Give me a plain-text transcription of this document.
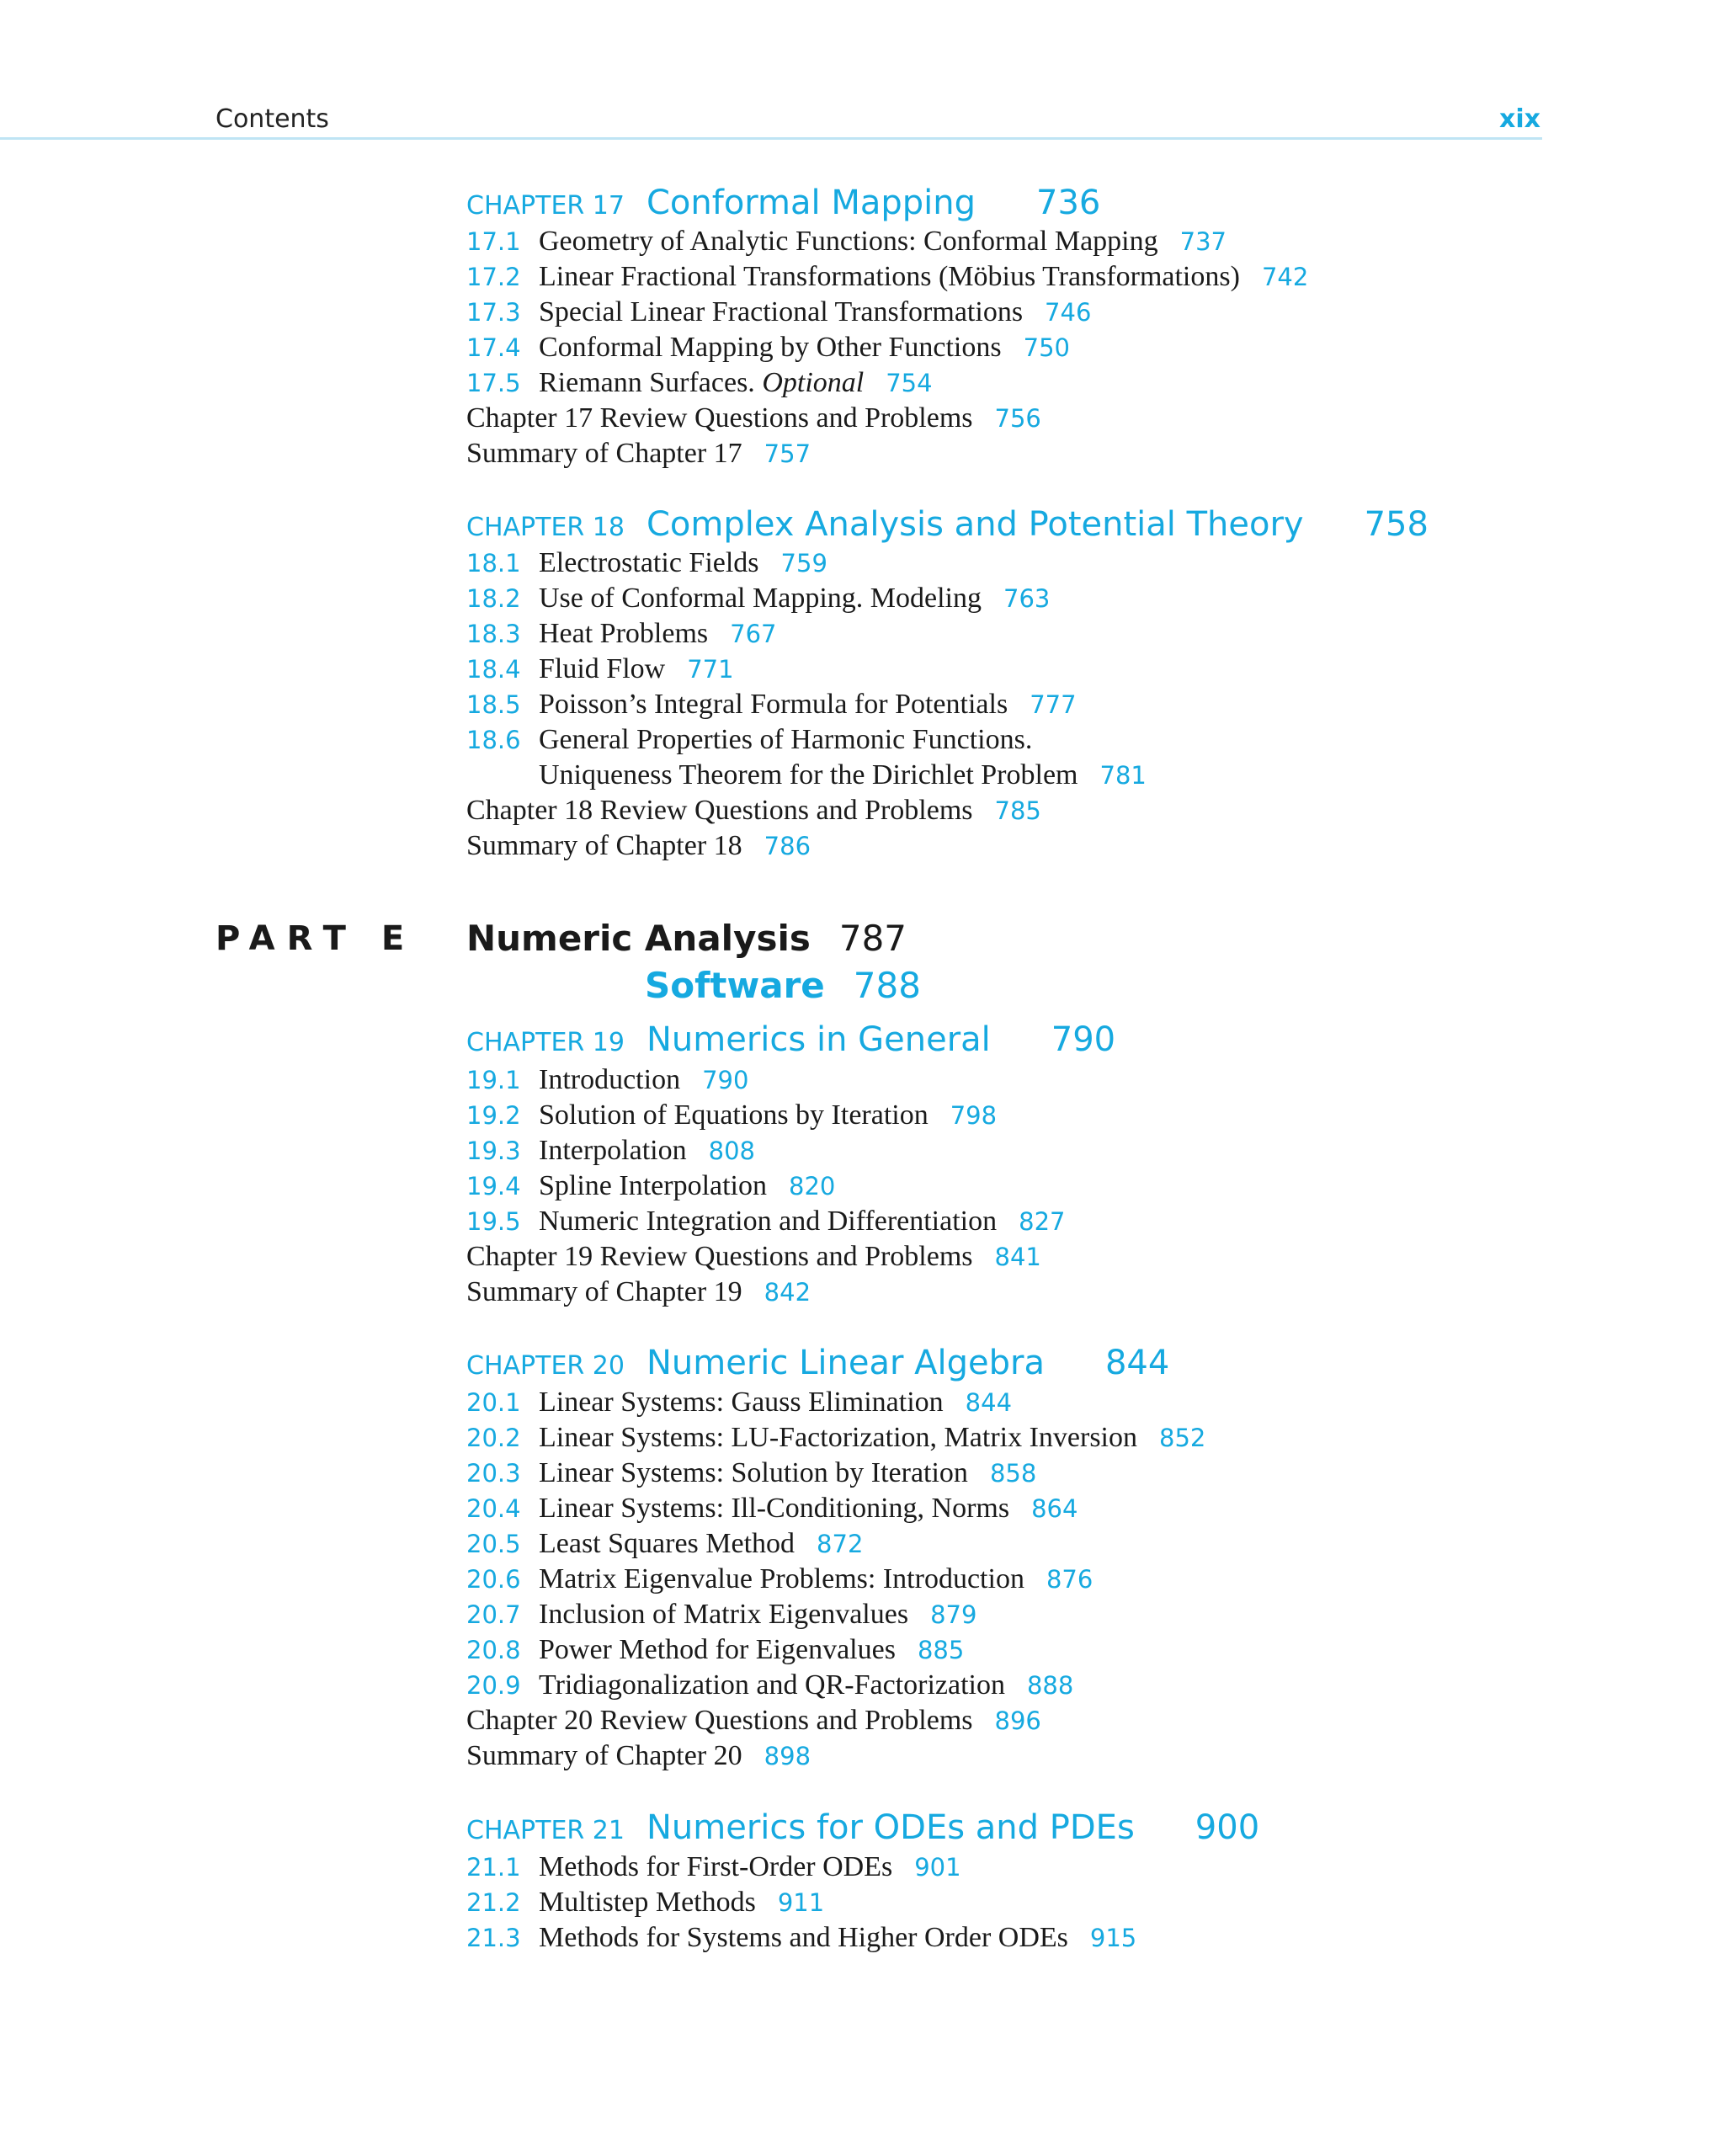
Contents	xix
CHAPTER 17 Conformal Mapping 736
17.1 Geometry of Analytic Functions: Conformal Mapping 737
17.2 Linear Fractional Transformations (Möbius Transformations) 742
17.3 Special Linear Fractional Transformations 746
17.4 Conformal Mapping by Other Functions 750
17.5 Riemann Surfaces. Optional 754
Chapter 17 Review Questions and Problems 756
Summary of Chapter 17 757
CHAPTER 18 Complex Analysis and Potential Theory 758
18.1 Electrostatic Fields 759
18.2 Use of Conformal Mapping. Modeling 763
18.3 Heat Problems 767
18.4 Fluid Flow 771
18.5 Poisson’s Integral Formula for Potentials 777
18.6 General Properties of Harmonic Functions.
Uniqueness Theorem for the Dirichlet Problem 781
Chapter 18 Review Questions and Problems 785
Summary of Chapter 18 786
CHAPTER 19 Numerics in General 790
19.1 Introduction 790
19.2 Solution of Equations by Iteration 798
19.3 Interpolation 808
19.4 Spline Interpolation 820
19.5 Numeric Integration and Differentiation 827
Chapter 19 Review Questions and Problems 841
Summary of Chapter 19 842
CHAPTER 20 Numeric Linear Algebra 844
20.1 Linear Systems: Gauss Elimination 844
20.2 Linear Systems: LU-Factorization, Matrix Inversion 852
20.3 Linear Systems: Solution by Iteration 858
20.4 Linear Systems: Ill-Conditioning, Norms 864
20.5 Least Squares Method 872
20.6 Matrix Eigenvalue Problems: Introduction 876
20.7 Inclusion of Matrix Eigenvalues 879
20.8 Power Method for Eigenvalues 885
20.9 Tridiagonalization and QR-Factorization 888
Chapter 20 Review Questions and Problems 896
Summary of Chapter 20 898
CHAPTER 21 Numerics for ODEs and PDEs 900
21.1 Methods for First-Order ODEs 901
21.2 Multistep Methods 911
21.3 Methods for Systems and Higher Order ODEs 915
PART E Numeric Analysis 787
Software 788
